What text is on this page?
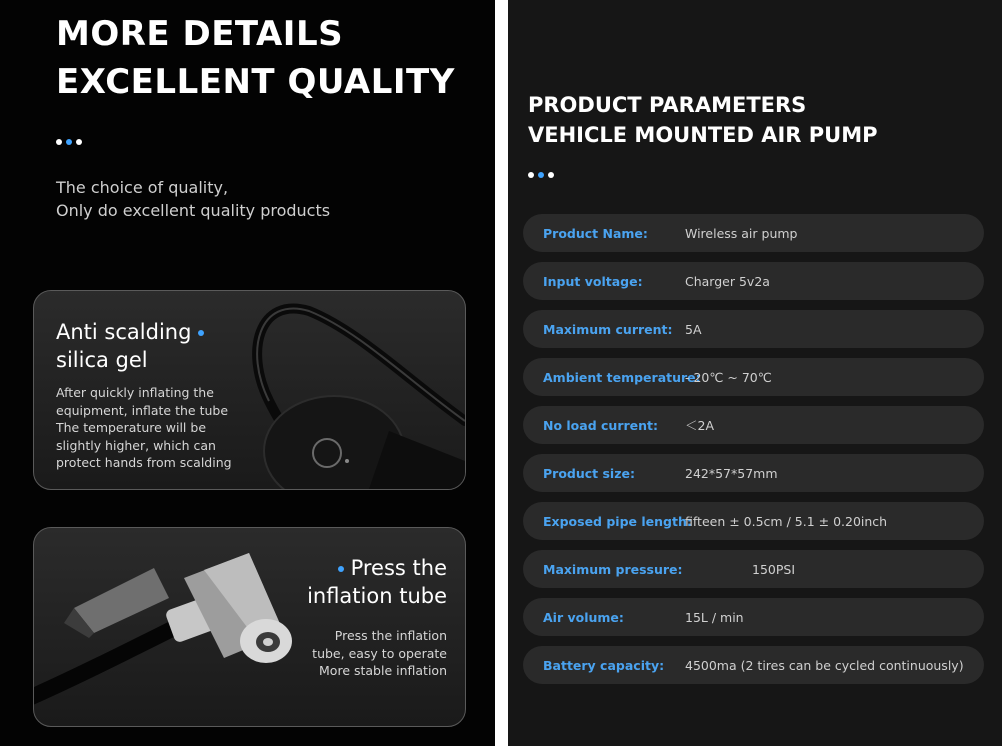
MORE DETAILS
EXCELLENT QUALITY
The choice of quality,
Only do excellent quality products
Anti scalding
silica gel
After quickly inflating the
equipment, inflate the tube
The temperature will be
slightly higher, which can
protect hands from scalding
Press the
inflation tube
Press the inflation
tube, easy to operate
More stable inflation
PRODUCT PARAMETERS
VEHICLE MOUNTED AIR PUMP
Product Name:	Wireless air pump
Input voltage:	Charger 5v2a
Maximum current: 5A
Ambient temperature:
- 20℃ ~ 70℃
No load current: ＜2A
Product size:	242*57*57mm
Exposed pipe length:
fifteen ± 0.5cm / 5.1 ± 0.20inch
Maximum pressure:	150PSI
Air volume:	15L / min
Battery capacity: 4500ma (2 tires can be cycled continuously)
